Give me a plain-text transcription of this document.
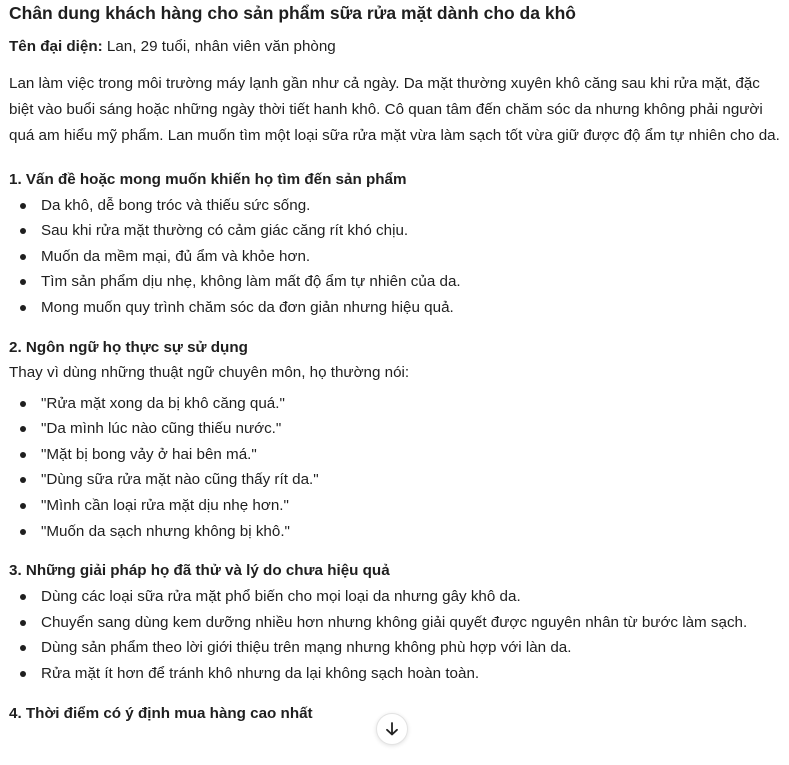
Chân dung khách hàng cho sản phẩm sữa rửa mặt dành cho da khô

Tên đại diện: Lan, 29 tuổi, nhân viên văn phòng

Lan làm việc trong môi trường máy lạnh gần như cả ngày. Da mặt thường xuyên khô căng sau khi rửa mặt, đặc biệt vào buổi sáng hoặc những ngày thời tiết hanh khô. Cô quan tâm đến chăm sóc da nhưng không phải người quá am hiểu mỹ phẩm. Lan muốn tìm một loại sữa rửa mặt vừa làm sạch tốt vừa giữ được độ ẩm tự nhiên cho da.

1. Vấn đề hoặc mong muốn khiến họ tìm đến sản phẩm
Da khô, dễ bong tróc và thiếu sức sống.
Sau khi rửa mặt thường có cảm giác căng rít khó chịu.
Muốn da mềm mại, đủ ẩm và khỏe hơn.
Tìm sản phẩm dịu nhẹ, không làm mất độ ẩm tự nhiên của da.
Mong muốn quy trình chăm sóc da đơn giản nhưng hiệu quả.
2. Ngôn ngữ họ thực sự sử dụng

Thay vì dùng những thuật ngữ chuyên môn, họ thường nói:

"Rửa mặt xong da bị khô căng quá."
"Da mình lúc nào cũng thiếu nước."
"Mặt bị bong vảy ở hai bên má."
"Dùng sữa rửa mặt nào cũng thấy rít da."
"Mình cần loại rửa mặt dịu nhẹ hơn."
"Muốn da sạch nhưng không bị khô."
3. Những giải pháp họ đã thử và lý do chưa hiệu quả
Dùng các loại sữa rửa mặt phổ biến cho mọi loại da nhưng gây khô da.
Chuyển sang dùng kem dưỡng nhiều hơn nhưng không giải quyết được nguyên nhân từ bước làm sạch.
Dùng sản phẩm theo lời giới thiệu trên mạng nhưng không phù hợp với làn da.
Rửa mặt ít hơn để tránh khô nhưng da lại không sạch hoàn toàn.
4. Thời điểm có ý định mua hàng cao nhất
